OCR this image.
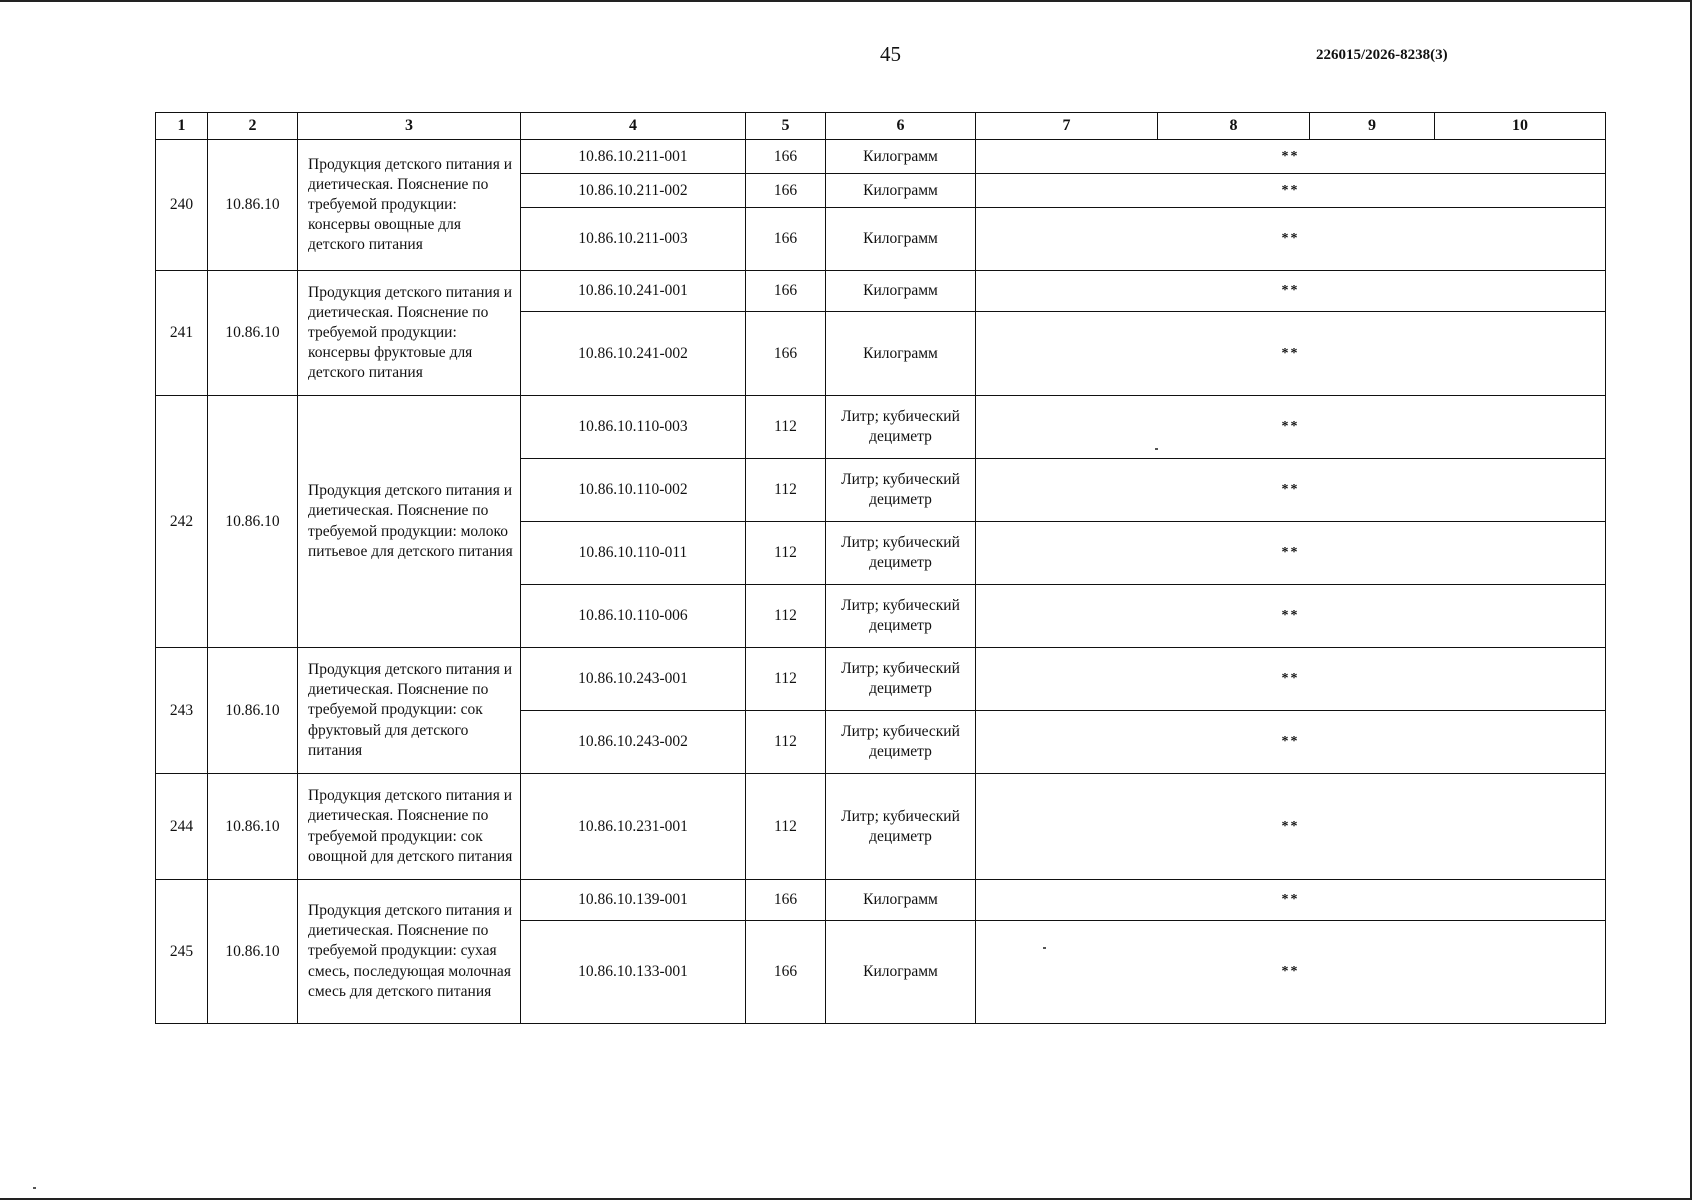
45	226015/2026-8238(3)
1	2	3	4	5	6	7	8	9	10
240	10.86.10	Продукция детского питания и диетическая. Пояснение по требуемой продукции: консервы овощные для детского питания	10.86.10.211-001	166	Килограмм	**			
			10.86.10.211-002	166	Килограмм	**			
			10.86.10.211-003	166	Килограмм	**			
241	10.86.10	Продукция детского питания и диетическая. Пояснение по требуемой продукции: консервы фруктовые для детского питания	10.86.10.241-001	166	Килограмм	**			
			10.86.10.241-002	166	Килограмм	**			
242	10.86.10	Продукция детского питания и диетическая. Пояснение по требуемой продукции: молоко питьевое для детского питания	10.86.10.110-003	112	Литр; кубический дециметр	**			
			10.86.10.110-002	112	Литр; кубический дециметр	**			
			10.86.10.110-011	112	Литр; кубический дециметр	**			
			10.86.10.110-006	112	Литр; кубический дециметр	**			
243	10.86.10	Продукция детского питания и диетическая. Пояснение по требуемой продукции: сок фруктовый для детского питания	10.86.10.243-001	112	Литр; кубический дециметр	**			
			10.86.10.243-002	112	Литр; кубический дециметр	**			
244	10.86.10	Продукция детского питания и диетическая. Пояснение по требуемой продукции: сок овощной для детского питания	10.86.10.231-001	112	Литр; кубический дециметр	**			
245	10.86.10	Продукция детского питания и диетическая. Пояснение по требуемой продукции: сухая смесь, последующая молочная смесь для детского питания	10.86.10.139-001	166	Килограмм	**			
			10.86.10.133-001	166	Килограмм	**			
